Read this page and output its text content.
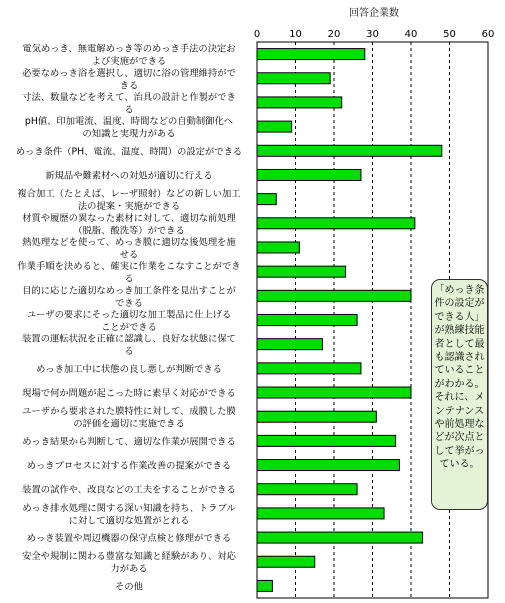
回答企業数
0	10	20	30	40	50	60
電気めっき、無電解めっき等のめっき手法の決定および実施ができる
必要なめっき浴を選択し、適切に浴の管理維持ができる
寸法、数量などを考えて、治具の設計と作製ができる
pH値、印加電流、温度、時間などの自動制御化への知識と実現力がある
めっき条件（PH、電流、温度、時間）の設定ができる
新規品や難素材への対処が適切に行える
複合加工（たとえば、レーザ照射）などの新しい加工法の提案・実施ができる
材質や履歴の異なった素材に対して、適切な前処理（脱脂、酸洗等）ができる
熱処理などを使って、めっき膜に適切な後処理を施せる
作業手順を決めると、確実に作業をこなすことができる
目的に応じた適切なめっき加工条件を見出すことができる
ユーザの要求にそった適切な加工製品に仕上げることができる
装置の運転状況を正確に認識し、良好な状態に保てる
めっき加工中に状態の良し悪しが判断できる
現場で何か問題が起こった時に素早く対応ができる
ユーザから要求された膜特性に対して、成膜した膜の評価を適切に実施できる
めっき結果から判断して、適切な作業が展開できる
めっきプロセスに対する作業改善の提案ができる
装置の試作や、改良などの工夫をすることができる
めっき排水処理に関する深い知識を持ち、トラブルに対して適切な処置がとれる
めっき装置や周辺機器の保守点検と修理ができる
安全や規制に関わる豊富な知識と経験があり、対応力がある
その他
「めっき条
件の設定が
できる人」
が熟練技能
者として最
も認識され
ていること
がわかる。
それに、メ
ンテナンス
や前処理な
どが次点と
して挙がっ
ている。
